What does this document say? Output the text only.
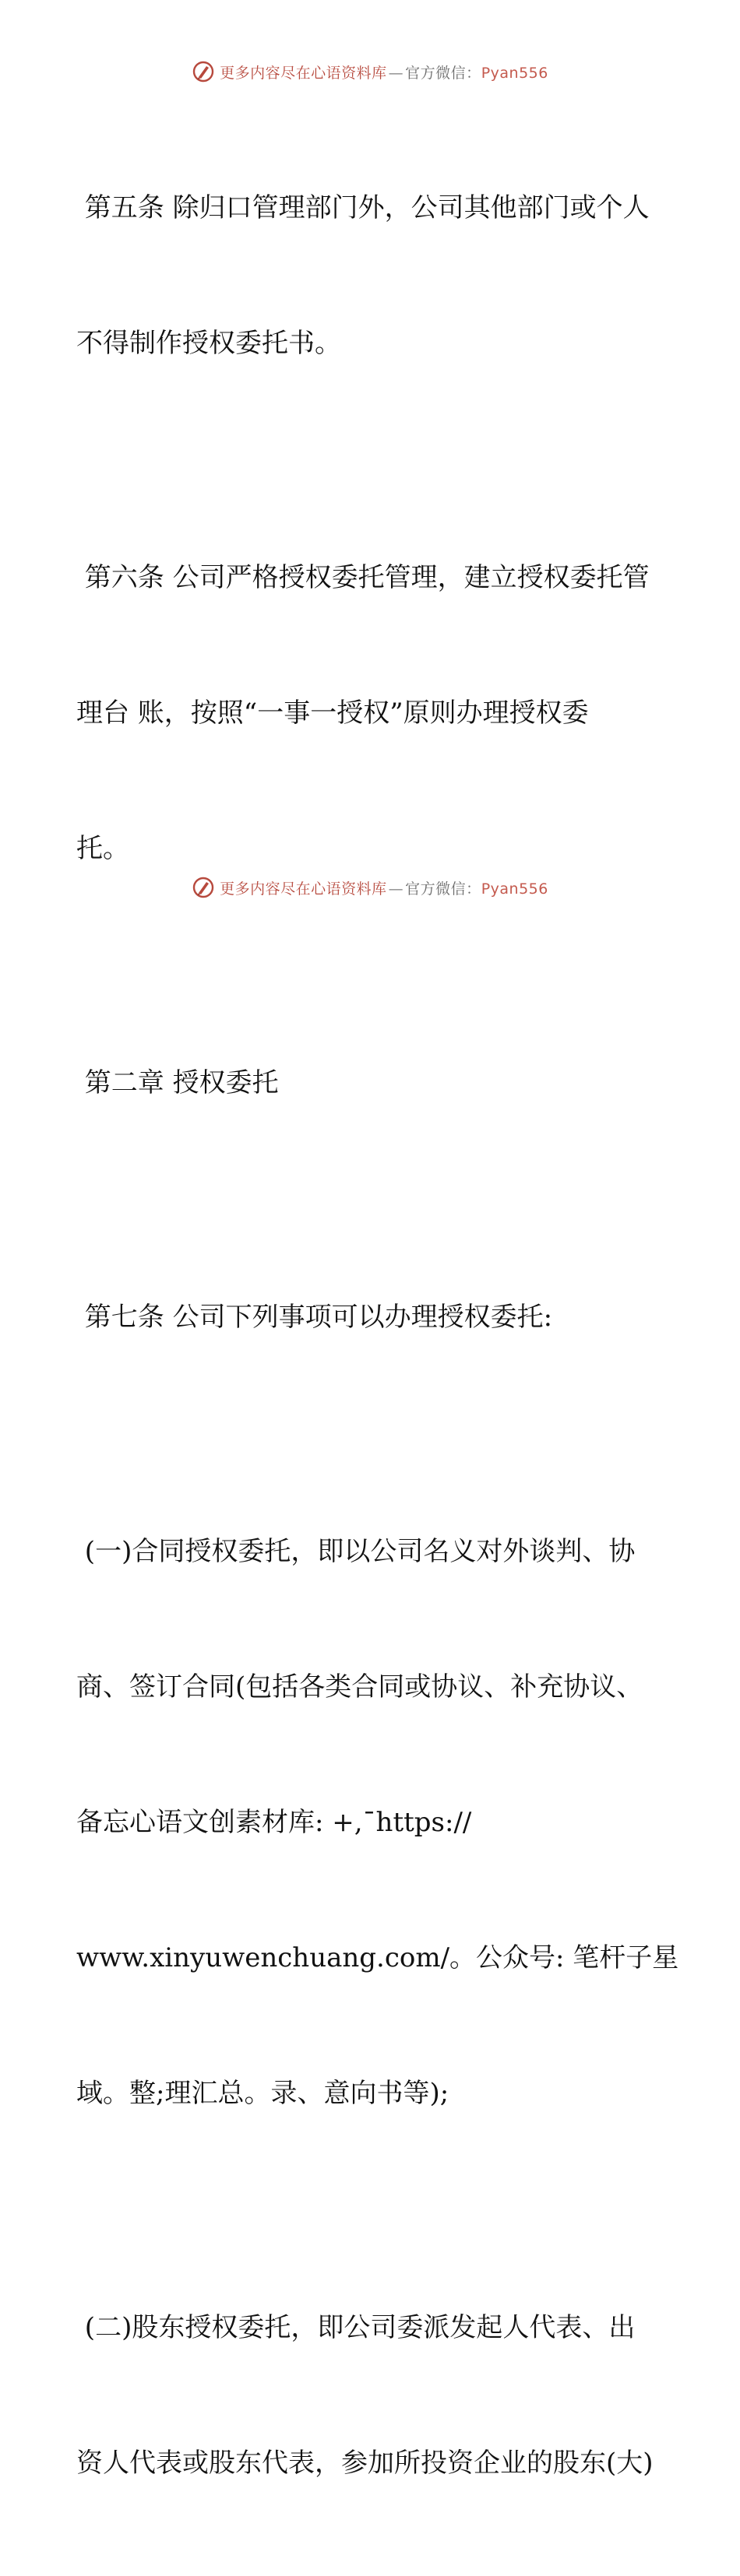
更多内容尽在心语资料库 — 官方微信：Pyan556

第五条 除归口管理部门外，公司其他部门或个人

不得制作授权委托书。

第六条 公司严格授权委托管理，建立授权委托管

理台 账，按照“一事一授权”原则办理授权委

托。

第二章 授权委托

第七条 公司下列事项可以办理授权委托:

(一)合同授权委托，即以公司名义对外谈判、协

商、签订合同(包括各类合同或协议、补充协议、

备忘心语文创素材库: +,¯https://

www.xinyuwenchuang.com/。公众号: 笔杆子星

域。整;理汇总。录、意向书等);

(二)股东授权委托，即公司委派发起人代表、出

资人代表或股东代表，参加所投资企业的股东(大)

更多内容尽在心语资料库 — 官方微信：Pyan556
